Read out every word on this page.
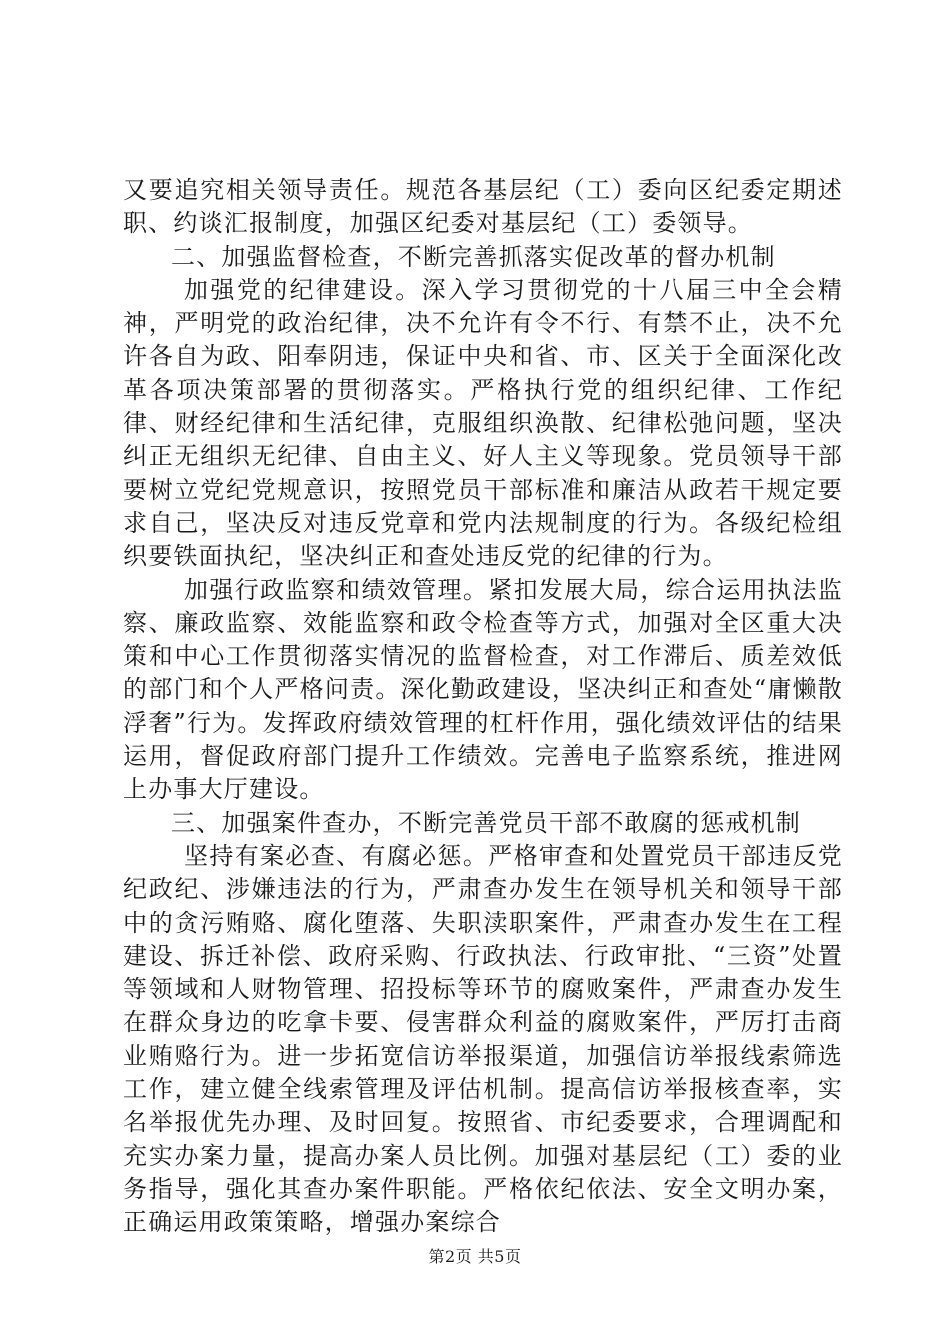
又要追究相关领导责任。规范各基层纪（工）委向区纪委定期述职、约谈汇报制度，加强区纪委对基层纪（工）委领导。

二、加强监督检查，不断完善抓落实促改革的督办机制

加强党的纪律建设。深入学习贯彻党的十八届三中全会精神，严明党的政治纪律，决不允许有令不行、有禁不止，决不允许各自为政、阳奉阴违，保证中央和省、市、区关于全面深化改革各项决策部署的贯彻落实。严格执行党的组织纪律、工作纪律、财经纪律和生活纪律，克服组织涣散、纪律松弛问题，坚决纠正无组织无纪律、自由主义、好人主义等现象。党员领导干部要树立党纪党规意识，按照党员干部标准和廉洁从政若干规定要求自己，坚决反对违反党章和党内法规制度的行为。各级纪检组织要铁面执纪，坚决纠正和查处违反党的纪律的行为。

加强行政监察和绩效管理。紧扣发展大局，综合运用执法监察、廉政监察、效能监察和政令检查等方式，加强对全区重大决策和中心工作贯彻落实情况的监督检查，对工作滞后、质差效低的部门和个人严格问责。深化勤政建设，坚决纠正和查处“庸懒散浮奢”行为。发挥政府绩效管理的杠杆作用，强化绩效评估的结果运用，督促政府部门提升工作绩效。完善电子监察系统，推进网上办事大厅建设。

三、加强案件查办，不断完善党员干部不敢腐的惩戒机制

坚持有案必查、有腐必惩。严格审查和处置党员干部违反党纪政纪、涉嫌违法的行为，严肃查办发生在领导机关和领导干部中的贪污贿赂、腐化堕落、失职渎职案件，严肃查办发生在工程建设、拆迁补偿、政府采购、行政执法、行政审批、“三资”处置等领域和人财物管理、招投标等环节的腐败案件，严肃查办发生在群众身边的吃拿卡要、侵害群众利益的腐败案件，严厉打击商业贿赂行为。进一步拓宽信访举报渠道，加强信访举报线索筛选工作，建立健全线索管理及评估机制。提高信访举报核查率，实名举报优先办理、及时回复。按照省、市纪委要求，合理调配和充实办案力量，提高办案人员比例。加强对基层纪（工）委的业务指导，强化其查办案件职能。严格依纪依法、安全文明办案，正确运用政策策略，增强办案综合

第2页 共5页
